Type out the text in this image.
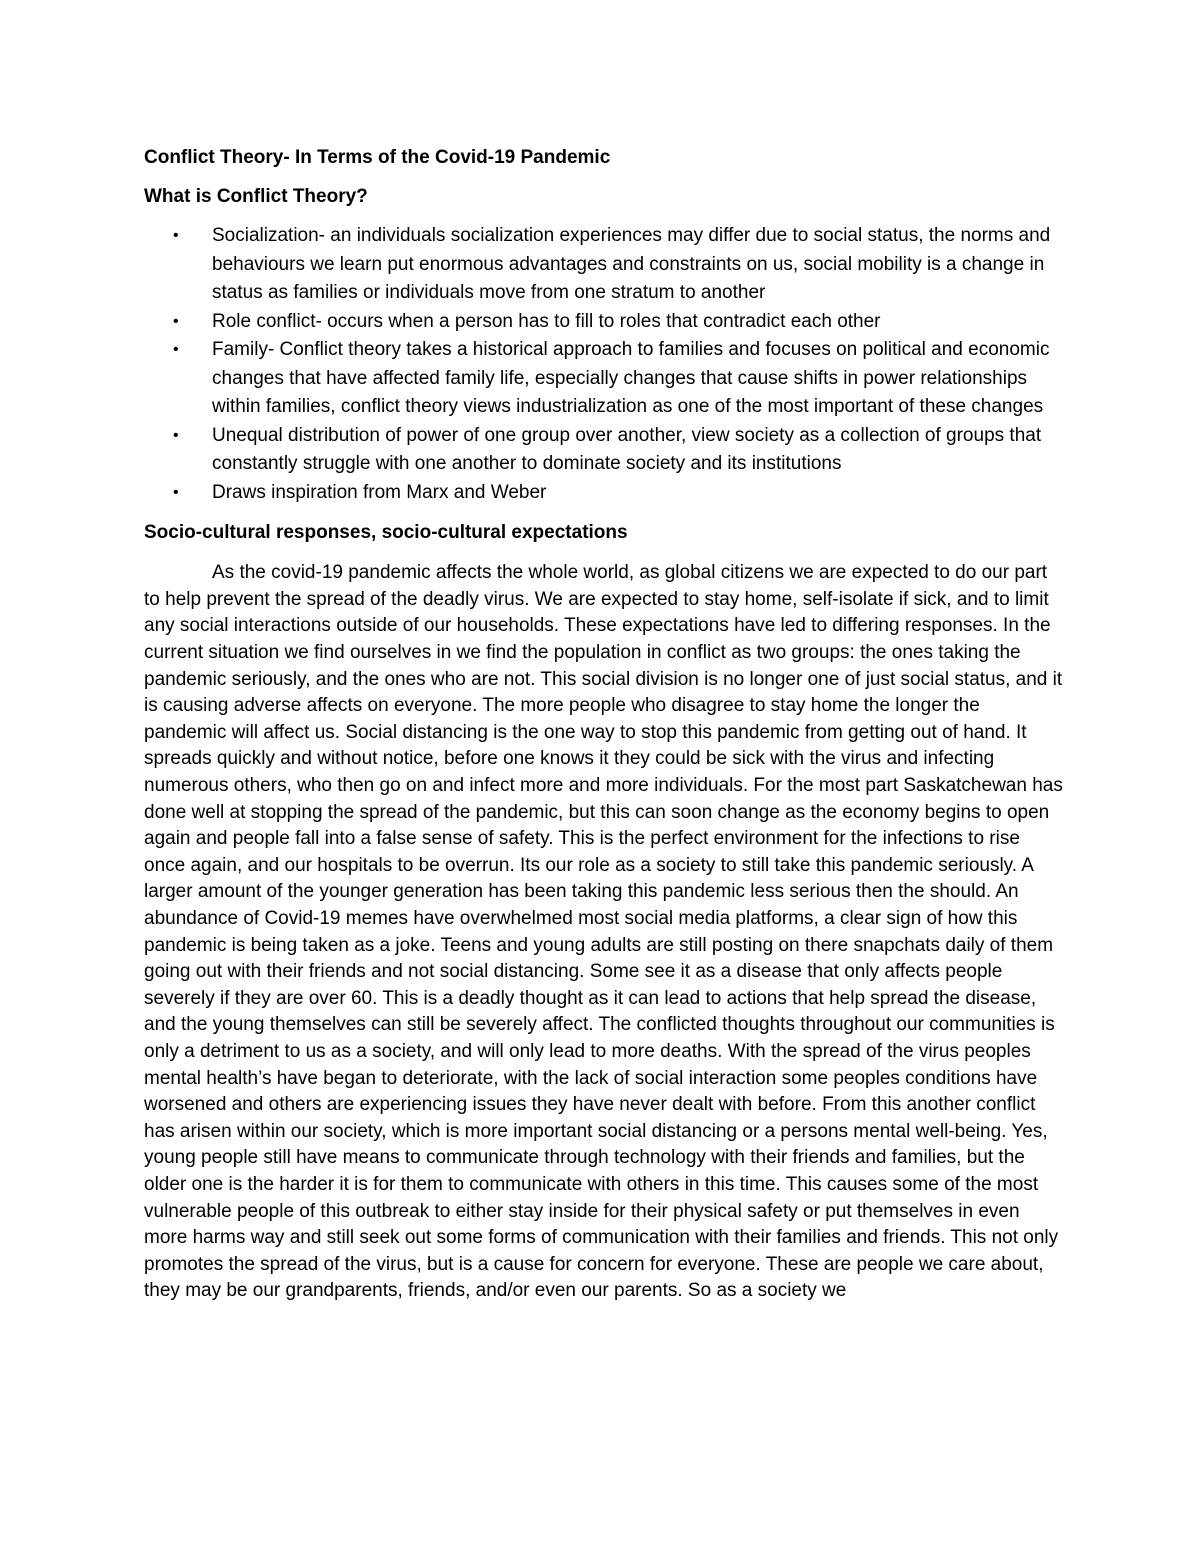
Conflict Theory- In Terms of the Covid-19 Pandemic
What is Conflict Theory?
• Socialization- an individuals socialization experiences may differ due to social status, the norms and behaviours we learn put enormous advantages and constraints on us, social mobility is a change in status as families or individuals move from one stratum to another
• Role conflict- occurs when a person has to fill to roles that contradict each other
• Family- Conflict theory takes a historical approach to families and focuses on political and economic changes that have affected family life, especially changes that cause shifts in power relationships within families, conflict theory views industrialization as one of the most important of these changes
• Unequal distribution of power of one group over another, view society as a collection of groups that constantly struggle with one another to dominate society and its institutions
• Draws inspiration from Marx and Weber
Socio-cultural responses, socio-cultural expectations

As the covid-19 pandemic affects the whole world, as global citizens we are expected to do our part to help prevent the spread of the deadly virus. We are expected to stay home, self-isolate if sick, and to limit any social interactions outside of our households. These expectations have led to differing responses. In the current situation we find ourselves in we find the population in conflict as two groups: the ones taking the pandemic seriously, and the ones who are not. This social division is no longer one of just social status, and it is causing adverse affects on everyone. The more people who disagree to stay home the longer the pandemic will affect us. Social distancing is the one way to stop this pandemic from getting out of hand. It spreads quickly and without notice, before one knows it they could be sick with the virus and infecting numerous others, who then go on and infect more and more individuals. For the most part Saskatchewan has done well at stopping the spread of the pandemic, but this can soon change as the economy begins to open again and people fall into a false sense of safety. This is the perfect environment for the infections to rise once again, and our hospitals to be overrun. Its our role as a society to still take this pandemic seriously. A larger amount of the younger generation has been taking this pandemic less serious then the should. An abundance of Covid-19 memes have overwhelmed most social media platforms, a clear sign of how this pandemic is being taken as a joke. Teens and young adults are still posting on there snapchats daily of them going out with their friends and not social distancing. Some see it as a disease that only affects people severely if they are over 60. This is a deadly thought as it can lead to actions that help spread the disease, and the young themselves can still be severely affect. The conflicted thoughts throughout our communities is only a detriment to us as a society, and will only lead to more deaths. With the spread of the virus peoples mental health’s have began to deteriorate, with the lack of social interaction some peoples conditions have worsened and others are experiencing issues they have never dealt with before. From this another conflict has arisen within our society, which is more important social distancing or a persons mental well-being. Yes, young people still have means to communicate through technology with their friends and families, but the older one is the harder it is for them to communicate with others in this time. This causes some of the most vulnerable people of this outbreak to either stay inside for their physical safety or put themselves in even more harms way and still seek out some forms of communication with their families and friends. This not only promotes the spread of the virus, but is a cause for concern for everyone. These are people we care about, they may be our grandparents, friends, and/or even our parents. So as a society we
